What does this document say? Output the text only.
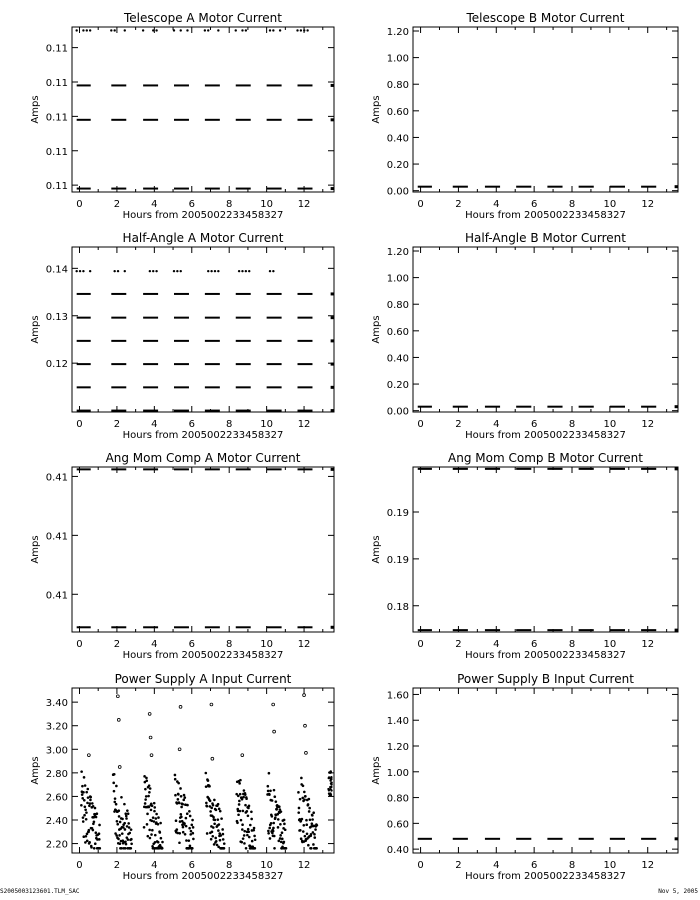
Telescope A Motor Current
0	2	4	6	8	10 12
Hours from 2005002233458327
0.11
0.11
0.11
0.11
0.11
Amps
Telescope B Motor Current
0	2	4	6	8	10	12
Hours from 2005002233458327
0.00
0.20
0.40
0.60
0.80
1.00
1.20
Amps
Half-Angle A Motor Current
0	2	4	6	8	10 12
Hours from 2005002233458327
0.12
0.13
0.14
Amps
Half-Angle B Motor Current
0	2	4	6	8	10	12
Hours from 2005002233458327
0.00
0.20
0.40
0.60
0.80
1.00
1.20
Amps
Ang Mom Comp A Motor Current
0	2	4	6	8	10 12
Hours from 2005002233458327
0.41
0.41
0.41
Amps
Ang Mom Comp B Motor Current
0	2	4	6	8	10	12
Hours from 2005002233458327
0.18
0.19
0.19
Amps
Power Supply A Input Current
0	2	4	6	8	10 12
Hours from 2005002233458327
2.20
2.40
2.60
2.80
3.00
3.20
3.40
Amps
Power Supply B Input Current
0	2	4	6	8	10	12
Hours from 2005002233458327
0.40
0.60
0.80
1.00
1.20
1.40
1.60
Amps
S2005003123601.TLM_SAC	Nov 5, 2005
